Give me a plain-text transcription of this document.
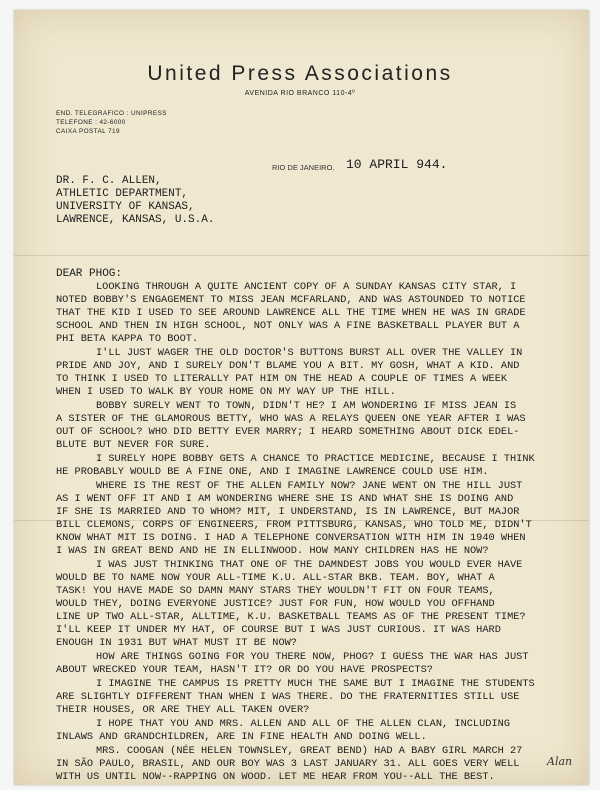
United Press Associations
AVENIDA RIO BRANCO 110-4º
END. TELEGRAFICO : UNIPRESS
TELEFONE : 42-6000
CAIXA POSTAL 719
RIO DE JANEIRO. 10 APRIL 944.
DR. F. C. ALLEN,
ATHLETIC DEPARTMENT,
UNIVERSITY OF KANSAS,
LAWRENCE, KANSAS, U.S.A.
DEAR PHOG:
LOOKING THROUGH A QUITE ANCIENT COPY OF A SUNDAY KANSAS CITY STAR, I
NOTED BOBBY'S ENGAGEMENT TO MISS JEAN MCFARLAND, AND WAS ASTOUNDED TO NOTICE
THAT THE KID I USED TO SEE AROUND LAWRENCE ALL THE TIME WHEN HE WAS IN GRADE
SCHOOL AND THEN IN HIGH SCHOOL, NOT ONLY WAS A FINE BASKETBALL PLAYER BUT A
PHI BETA KAPPA TO BOOT.
I'LL JUST WAGER THE OLD DOCTOR'S BUTTONS BURST ALL OVER THE VALLEY IN
PRIDE AND JOY, AND I SURELY DON'T BLAME YOU A BIT. MY GOSH, WHAT A KID. AND
TO THINK I USED TO LITERALLY PAT HIM ON THE HEAD A COUPLE OF TIMES A WEEK
WHEN I USED TO WALK BY YOUR HOME ON MY WAY UP THE HILL.
BOBBY SURELY WENT TO TOWN, DIDN'T HE? I AM WONDERING IF MISS JEAN IS
A SISTER OF THE GLAMOROUS BETTY, WHO WAS A RELAYS QUEEN ONE YEAR AFTER I WAS
OUT OF SCHOOL? WHO DID BETTY EVER MARRY; I HEARD SOMETHING ABOUT DICK EDEL-
BLUTE BUT NEVER FOR SURE.
I SURELY HOPE BOBBY GETS A CHANCE TO PRACTICE MEDICINE, BECAUSE I THINK
HE PROBABLY WOULD BE A FINE ONE, AND I IMAGINE LAWRENCE COULD USE HIM.
WHERE IS THE REST OF THE ALLEN FAMILY NOW? JANE WENT ON THE HILL JUST
AS I WENT OFF IT AND I AM WONDERING WHERE SHE IS AND WHAT SHE IS DOING AND
IF SHE IS MARRIED AND TO WHOM? MIT, I UNDERSTAND, IS IN LAWRENCE, BUT MAJOR
BILL CLEMONS, CORPS OF ENGINEERS, FROM PITTSBURG, KANSAS, WHO TOLD ME, DIDN'T
KNOW WHAT MIT IS DOING. I HAD A TELEPHONE CONVERSATION WITH HIM IN 1940 WHEN
I WAS IN GREAT BEND AND HE IN ELLINWOOD. HOW MANY CHILDREN HAS HE NOW?
I WAS JUST THINKING THAT ONE OF THE DAMNDEST JOBS YOU WOULD EVER HAVE
WOULD BE TO NAME NOW YOUR ALL-TIME K.U. ALL-STAR BKB. TEAM. BOY, WHAT A
TASK! YOU HAVE MADE SO DAMN MANY STARS THEY WOULDN'T FIT ON FOUR TEAMS,
WOULD THEY, DOING EVERYONE JUSTICE? JUST FOR FUN, HOW WOULD YOU OFFHAND
LINE UP TWO ALL-STAR, ALLTIME, K.U. BASKETBALL TEAMS AS OF THE PRESENT TIME?
I'LL KEEP IT UNDER MY HAT, OF COURSE BUT I WAS JUST CURIOUS. IT WAS HARD
ENOUGH IN 1931 BUT WHAT MUST IT BE NOW?
HOW ARE THINGS GOING FOR YOU THERE NOW, PHOG? I GUESS THE WAR HAS JUST
ABOUT WRECKED YOUR TEAM, HASN'T IT? OR DO YOU HAVE PROSPECTS?
I IMAGINE THE CAMPUS IS PRETTY MUCH THE SAME BUT I IMAGINE THE STUDENTS
ARE SLIGHTLY DIFFERENT THAN WHEN I WAS THERE. DO THE FRATERNITIES STILL USE
THEIR HOUSES, OR ARE THEY ALL TAKEN OVER?
I HOPE THAT YOU AND MRS. ALLEN AND ALL OF THE ALLEN CLAN, INCLUDING
INLAWS AND GRANDCHILDREN, ARE IN FINE HEALTH AND DOING WELL.
MRS. COOGAN (NÉE HELEN TOWNSLEY, GREAT BEND) HAD A BABY GIRL MARCH 27
IN SÃO PAULO, BRASIL, AND OUR BOY WAS 3 LAST JANUARY 31. ALL GOES VERY WELL
WITH US UNTIL NOW--RAPPING ON WOOD. LET ME HEAR FROM YOU--ALL THE BEST.
Alan
